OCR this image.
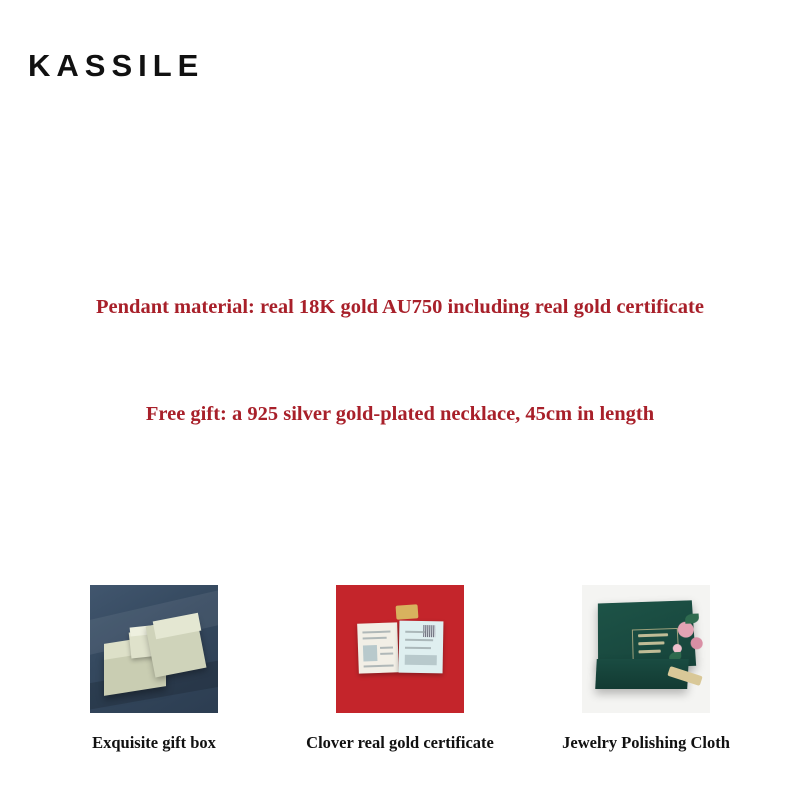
KASSILE
Pendant material: real 18K gold AU750 including real gold certificate
Free gift: a 925 silver gold-plated necklace, 45cm in length
Exquisite gift box	Clover real gold certificate	Jewelry Polishing Cloth
